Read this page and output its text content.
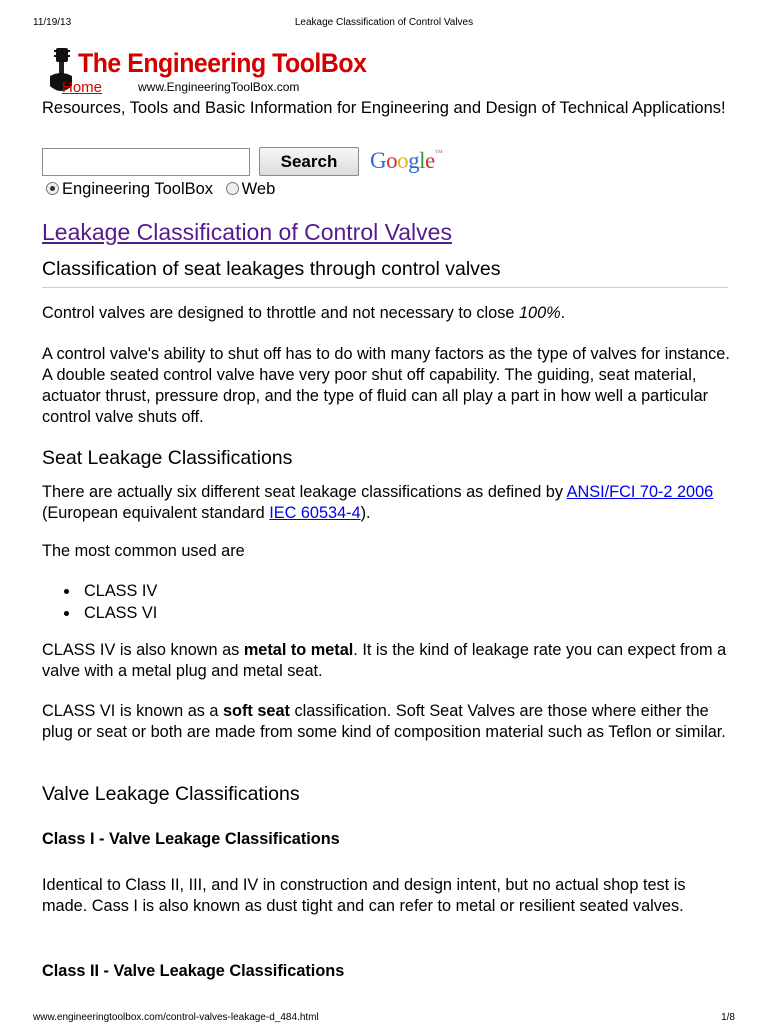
11/19/13	Leakage Classification of Control Valves
The Engineering ToolBox
www.EngineeringToolBox.com
Home
Resources, Tools and Basic Information for Engineering and Design of Technical Applications!
Search	Google™
Engineering ToolBox Web
Leakage Classification of Control Valves
Classification of seat leakages through control valves

Control valves are designed to throttle and not necessary to close 100%.

A control valve's ability to shut off has to do with many factors as the type of valves for instance. A double seated control valve have very poor shut off capability. The guiding, seat material, actuator thrust, pressure drop, and the type of fluid can all play a part in how well a particular control valve shuts off.

Seat Leakage Classifications

There are actually six different seat leakage classifications as defined by ANSI/FCI 70-2 2006 (European equivalent standard IEC 60534-4).

The most common used are

CLASS IV
CLASS VI

CLASS IV is also known as metal to metal. It is the kind of leakage rate you can expect from a valve with a metal plug and metal seat.

CLASS VI is known as a soft seat classification. Soft Seat Valves are those where either the plug or seat or both are made from some kind of composition material such as Teflon or similar.

Valve Leakage Classifications
Class I - Valve Leakage Classifications

Identical to Class II, III, and IV in construction and design intent, but no actual shop test is made. Cass I is also known as dust tight and can refer to metal or resilient seated valves.

Class II - Valve Leakage Classifications
www.engineeringtoolbox.com/control-valves-leakage-d_484.html	1/8
